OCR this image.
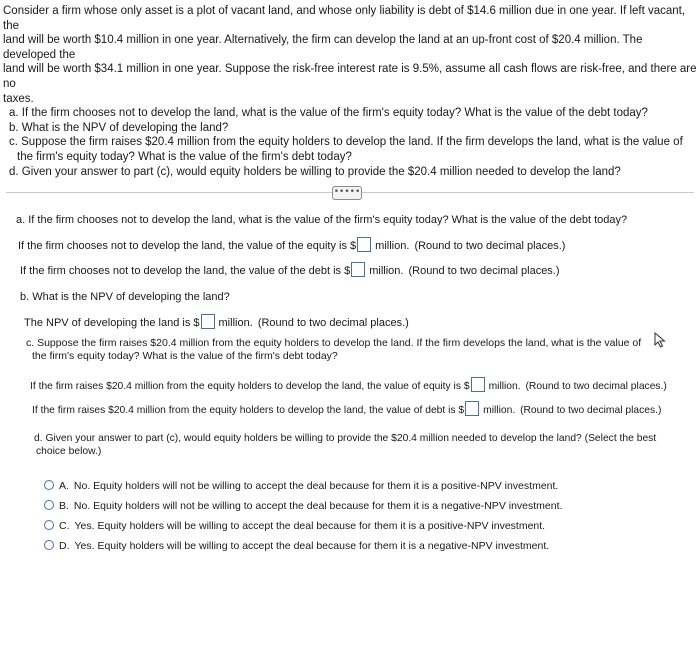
Consider a firm whose only asset is a plot of vacant land, and whose only liability is debt of $14.6 million due in one year. If left vacant, the

land will be worth $10.4 million in one year. Alternatively, the firm can develop the land at an up-front cost of $20.4 million. The developed the

land will be worth $34.1 million in one year. Suppose the risk-free interest rate is 9.5%, assume all cash flows are risk-free, and there are no

taxes.

a. If the firm chooses not to develop the land, what is the value of the firm's equity today? What is the value of the debt today?

b. What is the NPV of developing the land?

c. Suppose the firm raises $20.4 million from the equity holders to develop the land. If the firm develops the land, what is the value of

the firm's equity today? What is the value of the firm's debt today?

d. Given your answer to part (c), would equity holders be willing to provide the $20.4 million needed to develop the land?

•••••
a. If the firm chooses not to develop the land, what is the value of the firm's equity today? What is the value of the debt today?
If the firm chooses not to develop the land, the value of the equity is $ million. (Round to two decimal places.)
If the firm chooses not to develop the land, the value of the debt is $ million. (Round to two decimal places.)
b. What is the NPV of developing the land?
The NPV of developing the land is $ million. (Round to two decimal places.)
c. Suppose the firm raises $20.4 million from the equity holders to develop the land. If the firm develops the land, what is the value of
the firm's equity today? What is the value of the firm's debt today?
If the firm raises $20.4 million from the equity holders to develop the land, the value of equity is $ million. (Round to two decimal places.)
If the firm raises $20.4 million from the equity holders to develop the land, the value of debt is $ million. (Round to two decimal places.)
d. Given your answer to part (c), would equity holders be willing to provide the $20.4 million needed to develop the land? (Select the best
choice below.)
A. No. Equity holders will not be willing to accept the deal because for them it is a positive-NPV investment.
B. No. Equity holders will not be willing to accept the deal because for them it is a negative-NPV investment.
C. Yes. Equity holders will be willing to accept the deal because for them it is a positive-NPV investment.
D. Yes. Equity holders will be willing to accept the deal because for them it is a negative-NPV investment.
